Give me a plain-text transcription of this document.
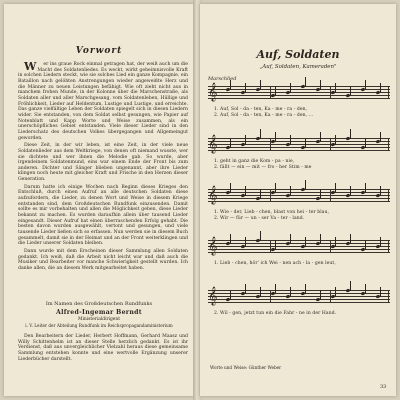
Vorwort

W er ins graue Rock einmal getragen hat, der weiß auch um die Macht des Soldatenliedes. Es weckt, wirkt geheimnisvolle Kraft in solchen Liedern steckt, wie sie solches Lied ein ganze Kompagnie, ein Bataillon nach gelöhten Anstrengungen wieder angeweißte Herz und die Männer zu neuen Leistungen befähigt. Wie oft zieht nicht aus in manchem frohen Munde, in der Kolonne über die Marschenstraße, als Soldaten aller und aller Marschgesang, vom Soldatenleben, Hüllige und Fröhlichkeit, Lieder auf Heldentum, Lustige und Lustige, und erreichte. Das ganze vielfältige Leben der Soldaten spiegelt sich in diesen Liedern wider. Sie entstanden, von dem Soldat selbst gesungen, wie Papier auf Notenblatt und Kapp Worte und Weise zusammen, als ein unerschöpfliches Gebiet entstanden. Viele dieser Lieder sind in den Liederschatz des deutschen Volkes übergegangen und Allgemeingut geworden.

Diese Zeit, in der wir leben, ist eine Zeit, in der viele neue Soldatenlieder aus dem Weltkriege, von denen oft niemand wusste, wer sie dichtete und wer ihnen die Melodie gab. So wurde, aber irgendeinem Soldatenmund, eins war einem Ende der Front bis zum anderen. Dichter und Sänger blieben ungenannt, aber ihre Lieder klingen noch heute mit gleicher Kraft und Frische in den Herzen dieser Generation.

Darum hatte ich einige Wochen nach Beginn dieses Krieges den Entschluß, durch einen Aufruf an alle deutschen Soldaten diese aufzufordern, die Lieder, zu denen Wort und Weise in diesem Kriege entstanden sind, dem Großdeutschen Rundfunk einzusenden. Damit sollte es mir vorbehalten und allen die Möglichkeit geben, diese Lieder bekannt zu machen. Es wurden daraufhin allein über tausend Lieder eingesandt. Dieser Aufruf hat einen überraschenden Erfolg gehabt. Die besten davon wurden ausgewählt, vertont und gesungen, und viele tausende Lieder ließen sich so erfassen. Nun werden sie in diesem Buch gesammelt, damit sie in der Heimat und an der Front weiterklingen und die Lieder unserer Soldaten bleiben.

Dann wurde mit dem Erscheinen dieser Sammlung allen Soldaten gedankt. Ich weiß, daß die Arbeit nicht leicht war und daß auch die Musiker und Bearbeiter vor manche Schwierigkeit gestellt wurden. Ich danke allen, die an diesem Werk mitgearbeitet haben.

Im Namen des Großdeutschen Rundfunks
Alfred-Ingemar Berndt
Ministerialdirigent
i. V. Leiter der Abteilung Rundfunk im Reichspropagandaministerium

Den Bearbeitern der Lieder, Herbert Hoffmann, Gerhard Maasz und Willy Schittenhelm ist an dieser Stelle herzlich gedankt. Es ist ihr Verdienst, daß aus unvergleichlicher Vielzahl heraus diese gemeinsame Sammlung entstehen konnte und eine wertvolle Ergänzung unserer Liederbücher darstellt.

Auf, Soldaten
„Auf, Soldaten, Kameraden"
Marschlied
𝄞
𝄞
𝄞
𝄞
𝄞
1. Auf, Sol - da - ten, Ka - me - ra - den,
2. Auf, Sol - da - ten, Ka - me - ra - den, ...
1. geht in ganz die Kom - pa - nie,
2. fällt — ein — mit — fro - her Stim - me
1. Wie - der, Lieb - chen, blast von hei - ter blau,
2. Wir — für — un - ser Va - ter - land.
1. Lieb - chen, hör' ich Wei - nen ach - la - gen leut,
2. Wil - gen, jetzt tun ein die Fahr - ne in der Hand.
Worte und Weise: Günther Weber
33
